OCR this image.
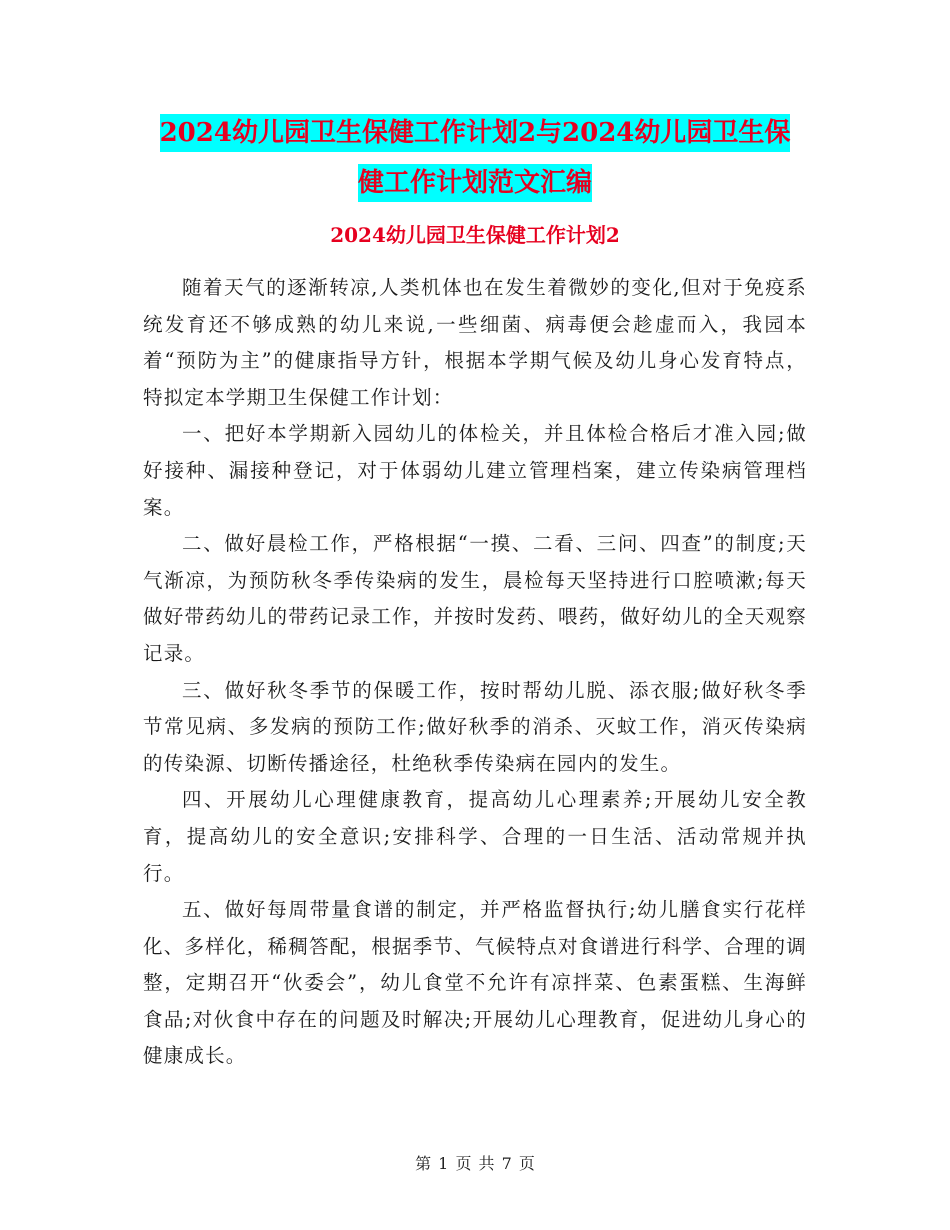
2024幼儿园卫生保健工作计划2与2024幼儿园卫生保
健工作计划范文汇编
2024幼儿园卫生保健工作计划2

随着天气的逐渐转凉,人类机体也在发生着微妙的变化,但对于免疫系统发育还不够成熟的幼儿来说,一些细菌、病毒便会趁虚而入，我园本着“预防为主”的健康指导方针，根据本学期气候及幼儿身心发育特点，特拟定本学期卫生保健工作计划：

一、把好本学期新入园幼儿的体检关，并且体检合格后才准入园;做好接种、漏接种登记，对于体弱幼儿建立管理档案，建立传染病管理档案。

二、做好晨检工作，严格根据“一摸、二看、三问、四查”的制度;天气渐凉，为预防秋冬季传染病的发生，晨检每天坚持进行口腔喷漱;每天做好带药幼儿的带药记录工作，并按时发药、喂药，做好幼儿的全天观察记录。

三、做好秋冬季节的保暖工作，按时帮幼儿脱、添衣服;做好秋冬季节常见病、多发病的预防工作;做好秋季的消杀、灭蚊工作，消灭传染病的传染源、切断传播途径，杜绝秋季传染病在园内的发生。

四、开展幼儿心理健康教育，提高幼儿心理素养;开展幼儿安全教育，提高幼儿的安全意识;安排科学、合理的一日生活、活动常规并执行。

五、做好每周带量食谱的制定，并严格监督执行;幼儿膳食实行花样化、多样化，稀稠答配，根据季节、气候特点对食谱进行科学、合理的调整，定期召开“伙委会”，幼儿食堂不允许有凉拌菜、色素蛋糕、生海鲜食品;对伙食中存在的问题及时解决;开展幼儿心理教育，促进幼儿身心的健康成长。

第 1 页 共 7 页
